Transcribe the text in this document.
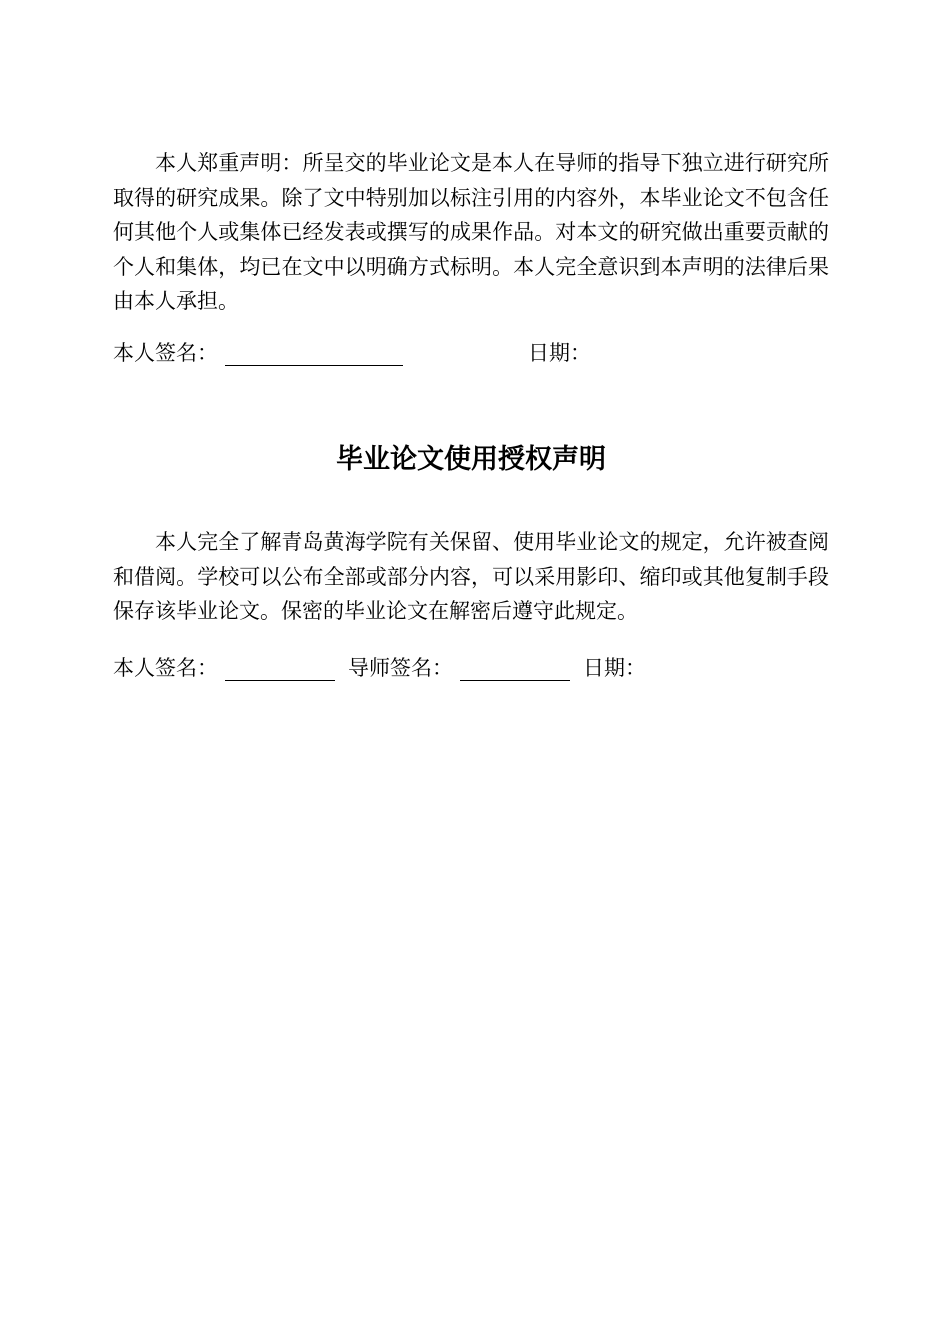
本人郑重声明：所呈交的毕业论文是本人在导师的指导下独立进行研究所取得的研究成果。除了文中特别加以标注引用的内容外，本毕业论文不包含任何其他个人或集体已经发表或撰写的成果作品。对本文的研究做出重要贡献的个人和集体，均已在文中以明确方式标明。本人完全意识到本声明的法律后果由本人承担。

本人签名：	日期：
毕业论文使用授权声明

本人完全了解青岛黄海学院有关保留、使用毕业论文的规定，允许被查阅和借阅。学校可以公布全部或部分内容，可以采用影印、缩印或其他复制手段保存该毕业论文。保密的毕业论文在解密后遵守此规定。

本人签名：	导师签名：	日期：
